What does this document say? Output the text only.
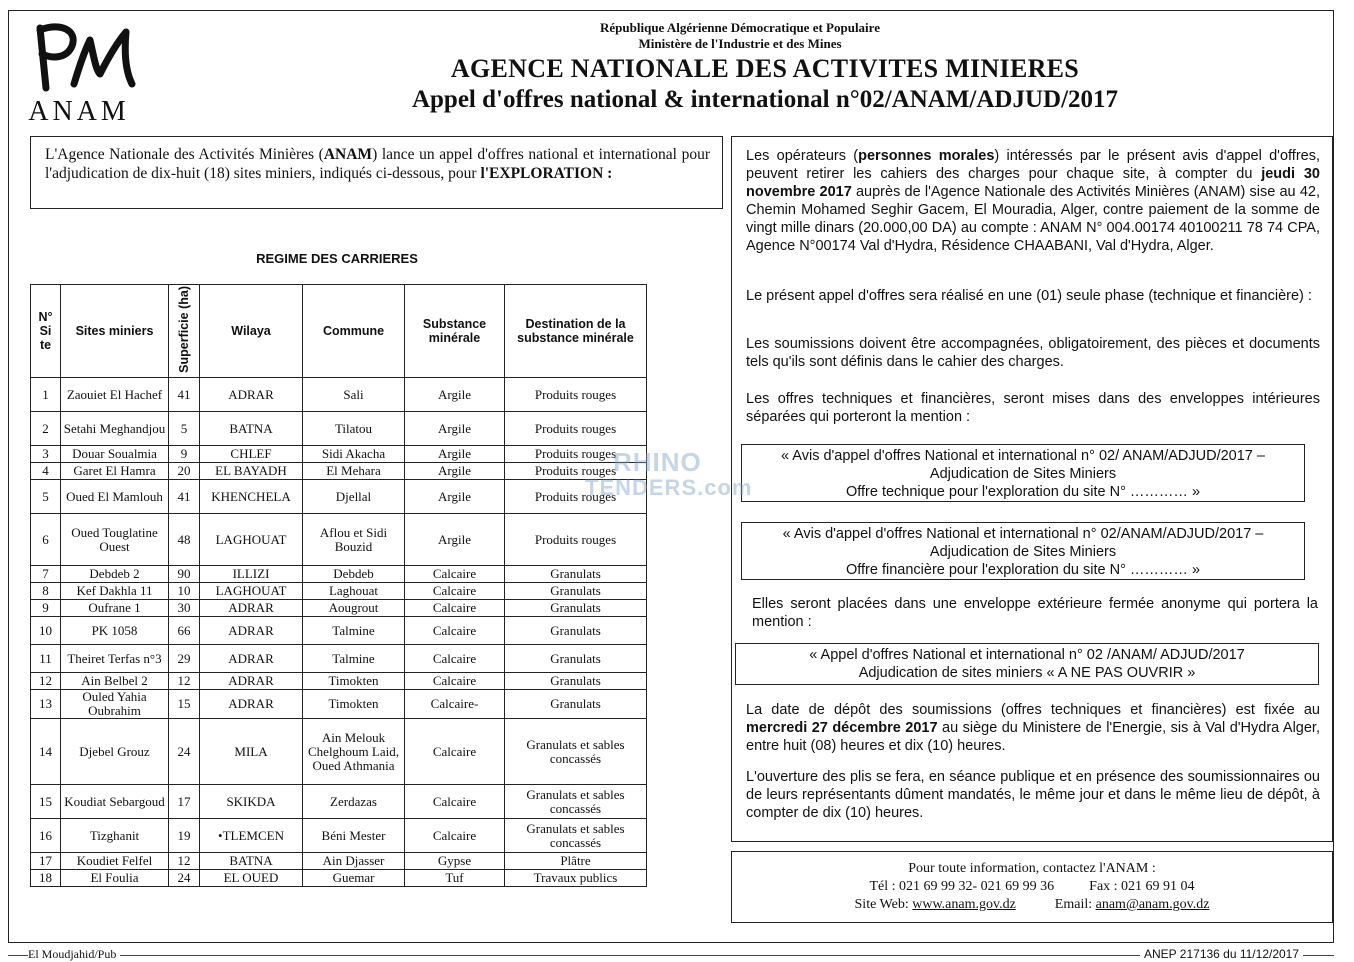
ANAM
République Algérienne Démocratique et Populaire
Ministère de l'Industrie et des Mines
AGENCE NATIONALE DES ACTIVITES MINIERES
Appel d'offres national & international n°02/ANAM/ADJUD/2017
L'Agence Nationale des Activités Minières (ANAM) lance un appel d'offres national et international pour l'adjudication de dix-huit (18) sites miniers, indiqués ci-dessous, pour l'EXPLORATION :
REGIME DES CARRIERES
N° Si te	Sites miniers	Superficie (ha)	Wilaya	Commune	Substance minérale	Destination de la substance minérale
1	Zaouiet El Hachef	41	ADRAR	Sali	Argile	Produits rouges
2	Setahi Meghandjou	5	BATNA	Tilatou	Argile	Produits rouges
3	Douar Soualmia	9	CHLEF	Sidi Akacha	Argile	Produits rouges
4	Garet El Hamra	20	EL BAYADH	El Mehara	Argile	Produits rouges
5	Oued El Mamlouh	41	KHENCHELA	Djellal	Argile	Produits rouges
6	Oued Touglatine Ouest	48	LAGHOUAT	Aflou et Sidi Bouzid	Argile	Produits rouges
7	Debdeb 2	90	ILLIZI	Debdeb	Calcaire	Granulats
8	Kef Dakhla 11	10	LAGHOUAT	Laghouat	Calcaire	Granulats
9	Oufrane 1	30	ADRAR	Aougrout	Calcaire	Granulats
10	PK 1058	66	ADRAR	Talmine	Calcaire	Granulats
11	Theiret Terfas n°3	29	ADRAR	Talmine	Calcaire	Granulats
12	Ain Belbel 2	12	ADRAR	Timokten	Calcaire	Granulats
13	Ouled Yahia Oubrahim	15	ADRAR	Timokten	Calcaire-	Granulats
14	Djebel Grouz	24	MILA	Ain Melouk Chelghoum Laid, Oued Athmania	Calcaire	Granulats et sables concassés
15	Koudiat Sebargoud	17	SKIKDA	Zerdazas	Calcaire	Granulats et sables concassés
16	Tizghanit	19	•TLEMCEN	Béni Mester	Calcaire	Granulats et sables concassés
17	Koudiet Felfel	12	BATNA	Ain Djasser	Gypse	Plâtre
18	El Foulia	24	EL OUED	Guemar	Tuf	Travaux publics
Les opérateurs (personnes morales) intéressés par le présent avis d'appel d'offres, peuvent retirer les cahiers des charges pour chaque site, à compter du jeudi 30 novembre 2017 auprès de l'Agence Nationale des Activités Minières (ANAM) sise au 42, Chemin Mohamed Seghir Gacem, El Mouradia, Alger, contre paiement de la somme de vingt mille dinars (20.000,00 DA) au compte : ANAM N° 004.00174 40100211 78 74 CPA, Agence N°00174 Val d'Hydra, Résidence CHAABANI, Val d'Hydra, Alger.
Le présent appel d'offres sera réalisé en une (01) seule phase (technique et financière) :
Les soumissions doivent être accompagnées, obligatoirement, des pièces et documents tels qu'ils sont définis dans le cahier des charges.
Les offres techniques et financières, seront mises dans des enveloppes intérieures séparées qui porteront la mention :
« Avis d'appel d'offres National et international n° 02/ ANAM/ADJUD/2017 –
Adjudication de Sites Miniers
Offre technique pour l'exploration du site N° ………… »
« Avis d'appel d'offres National et international n° 02/ANAM/ADJUD/2017 –
Adjudication de Sites Miniers
Offre financière pour l'exploration du site N° ………… »
Elles seront placées dans une enveloppe extérieure fermée anonyme qui portera la mention :
« Appel d'offres National et international n° 02 /ANAM/ ADJUD/2017
Adjudication de sites miniers « A NE PAS OUVRIR »
La date de dépôt des soumissions (offres techniques et financières) est fixée au mercredi 27 décembre 2017 au siège du Ministere de l'Energie, sis à Val d'Hydra Alger, entre huit (08) heures et dix (10) heures.
L'ouverture des plis se fera, en séance publique et en présence des soumissionnaires ou de leurs représentants dûment mandatés, le même jour et dans le même lieu de dépôt, à compter de dix (10) heures.
Pour toute information, contactez l'ANAM :
Tél : 021 69 99 32- 021 69 99 36	Fax : 021 69 91 04
Site Web: www.anam.gov.dz	Email: anam@anam.gov.dz
RHINO
TENDERS.com
El Moudjahid/Pub	ANEP 217136 du 11/12/2017
